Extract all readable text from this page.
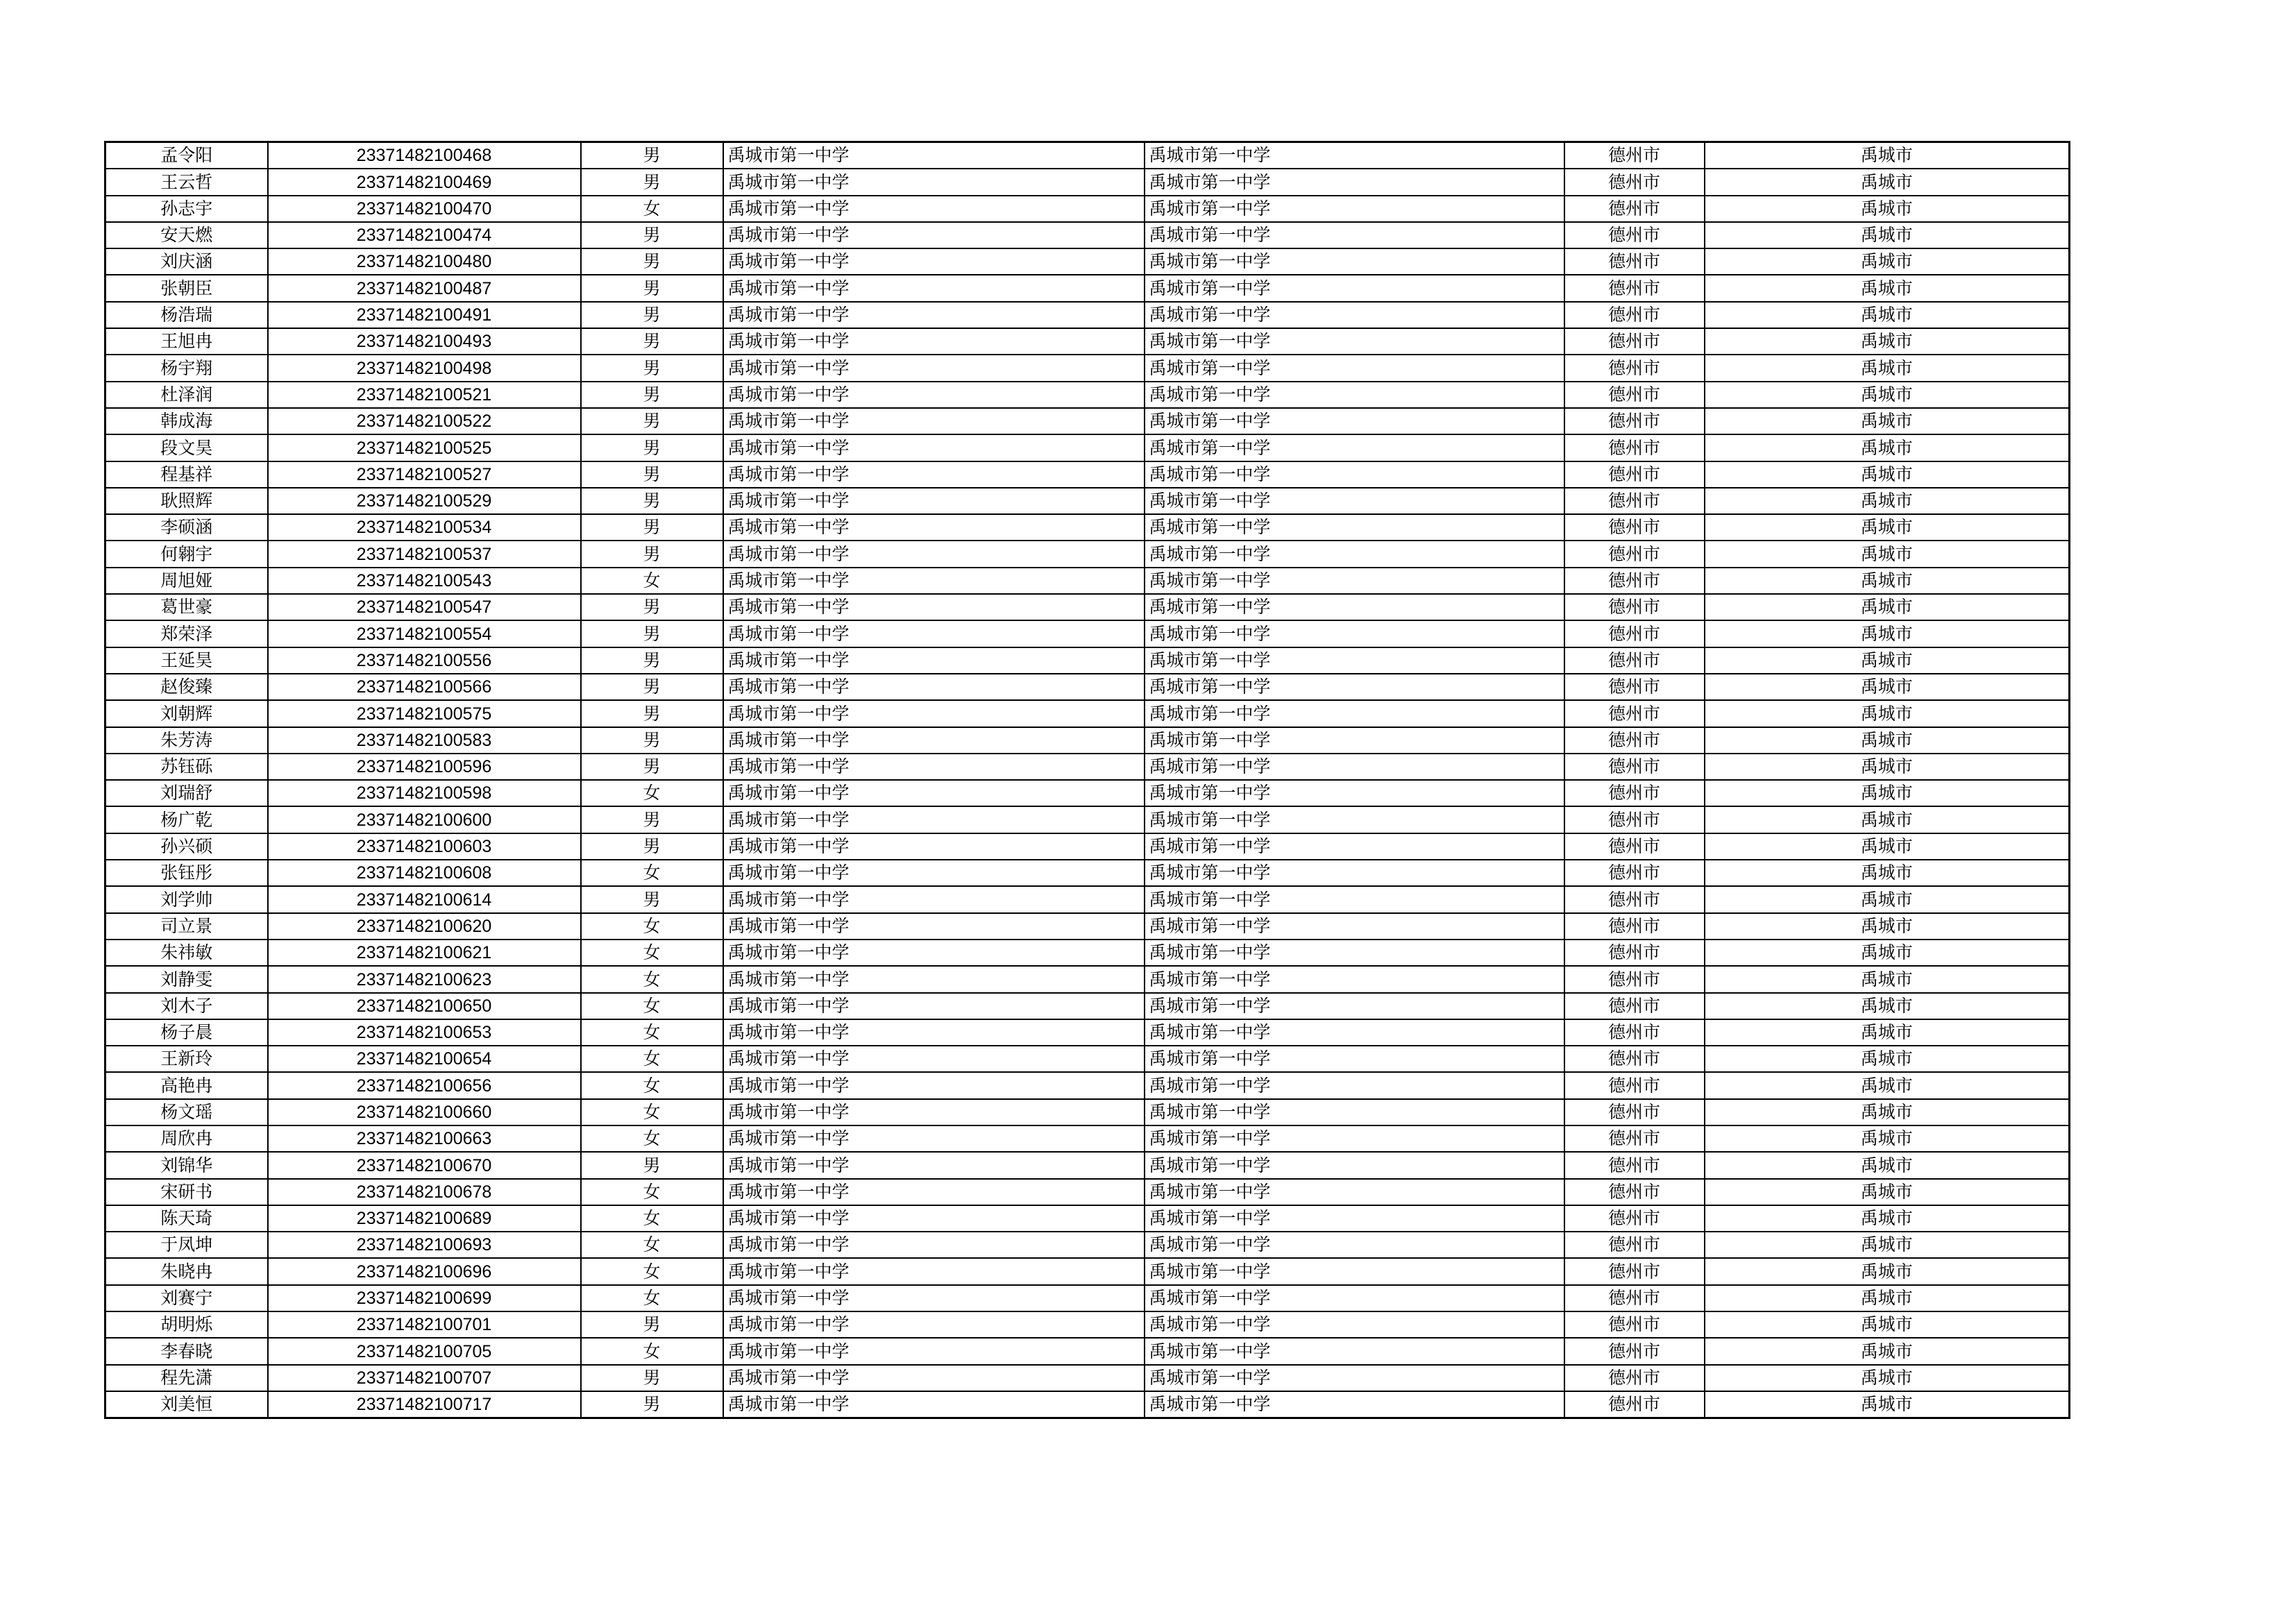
孟令阳	23371482100468	男	禹城市第一中学	禹城市第一中学	德州市	禹城市
王云哲	23371482100469	男	禹城市第一中学	禹城市第一中学	德州市	禹城市
孙志宇	23371482100470	女	禹城市第一中学	禹城市第一中学	德州市	禹城市
安天燃	23371482100474	男	禹城市第一中学	禹城市第一中学	德州市	禹城市
刘庆涵	23371482100480	男	禹城市第一中学	禹城市第一中学	德州市	禹城市
张朝臣	23371482100487	男	禹城市第一中学	禹城市第一中学	德州市	禹城市
杨浩瑞	23371482100491	男	禹城市第一中学	禹城市第一中学	德州市	禹城市
王旭冉	23371482100493	男	禹城市第一中学	禹城市第一中学	德州市	禹城市
杨宇翔	23371482100498	男	禹城市第一中学	禹城市第一中学	德州市	禹城市
杜泽润	23371482100521	男	禹城市第一中学	禹城市第一中学	德州市	禹城市
韩成海	23371482100522	男	禹城市第一中学	禹城市第一中学	德州市	禹城市
段文昊	23371482100525	男	禹城市第一中学	禹城市第一中学	德州市	禹城市
程基祥	23371482100527	男	禹城市第一中学	禹城市第一中学	德州市	禹城市
耿照辉	23371482100529	男	禹城市第一中学	禹城市第一中学	德州市	禹城市
李硕涵	23371482100534	男	禹城市第一中学	禹城市第一中学	德州市	禹城市
何翱宇	23371482100537	男	禹城市第一中学	禹城市第一中学	德州市	禹城市
周旭娅	23371482100543	女	禹城市第一中学	禹城市第一中学	德州市	禹城市
葛世豪	23371482100547	男	禹城市第一中学	禹城市第一中学	德州市	禹城市
郑荣泽	23371482100554	男	禹城市第一中学	禹城市第一中学	德州市	禹城市
王延昊	23371482100556	男	禹城市第一中学	禹城市第一中学	德州市	禹城市
赵俊臻	23371482100566	男	禹城市第一中学	禹城市第一中学	德州市	禹城市
刘朝辉	23371482100575	男	禹城市第一中学	禹城市第一中学	德州市	禹城市
朱芳涛	23371482100583	男	禹城市第一中学	禹城市第一中学	德州市	禹城市
苏钰砾	23371482100596	男	禹城市第一中学	禹城市第一中学	德州市	禹城市
刘瑞舒	23371482100598	女	禹城市第一中学	禹城市第一中学	德州市	禹城市
杨广乾	23371482100600	男	禹城市第一中学	禹城市第一中学	德州市	禹城市
孙兴硕	23371482100603	男	禹城市第一中学	禹城市第一中学	德州市	禹城市
张钰彤	23371482100608	女	禹城市第一中学	禹城市第一中学	德州市	禹城市
刘学帅	23371482100614	男	禹城市第一中学	禹城市第一中学	德州市	禹城市
司立景	23371482100620	女	禹城市第一中学	禹城市第一中学	德州市	禹城市
朱祎敏	23371482100621	女	禹城市第一中学	禹城市第一中学	德州市	禹城市
刘静雯	23371482100623	女	禹城市第一中学	禹城市第一中学	德州市	禹城市
刘木子	23371482100650	女	禹城市第一中学	禹城市第一中学	德州市	禹城市
杨子晨	23371482100653	女	禹城市第一中学	禹城市第一中学	德州市	禹城市
王新玲	23371482100654	女	禹城市第一中学	禹城市第一中学	德州市	禹城市
高艳冉	23371482100656	女	禹城市第一中学	禹城市第一中学	德州市	禹城市
杨文瑶	23371482100660	女	禹城市第一中学	禹城市第一中学	德州市	禹城市
周欣冉	23371482100663	女	禹城市第一中学	禹城市第一中学	德州市	禹城市
刘锦华	23371482100670	男	禹城市第一中学	禹城市第一中学	德州市	禹城市
宋研书	23371482100678	女	禹城市第一中学	禹城市第一中学	德州市	禹城市
陈天琦	23371482100689	女	禹城市第一中学	禹城市第一中学	德州市	禹城市
于凤坤	23371482100693	女	禹城市第一中学	禹城市第一中学	德州市	禹城市
朱晓冉	23371482100696	女	禹城市第一中学	禹城市第一中学	德州市	禹城市
刘赛宁	23371482100699	女	禹城市第一中学	禹城市第一中学	德州市	禹城市
胡明烁	23371482100701	男	禹城市第一中学	禹城市第一中学	德州市	禹城市
李春晓	23371482100705	女	禹城市第一中学	禹城市第一中学	德州市	禹城市
程先潇	23371482100707	男	禹城市第一中学	禹城市第一中学	德州市	禹城市
刘美恒	23371482100717	男	禹城市第一中学	禹城市第一中学	德州市	禹城市
